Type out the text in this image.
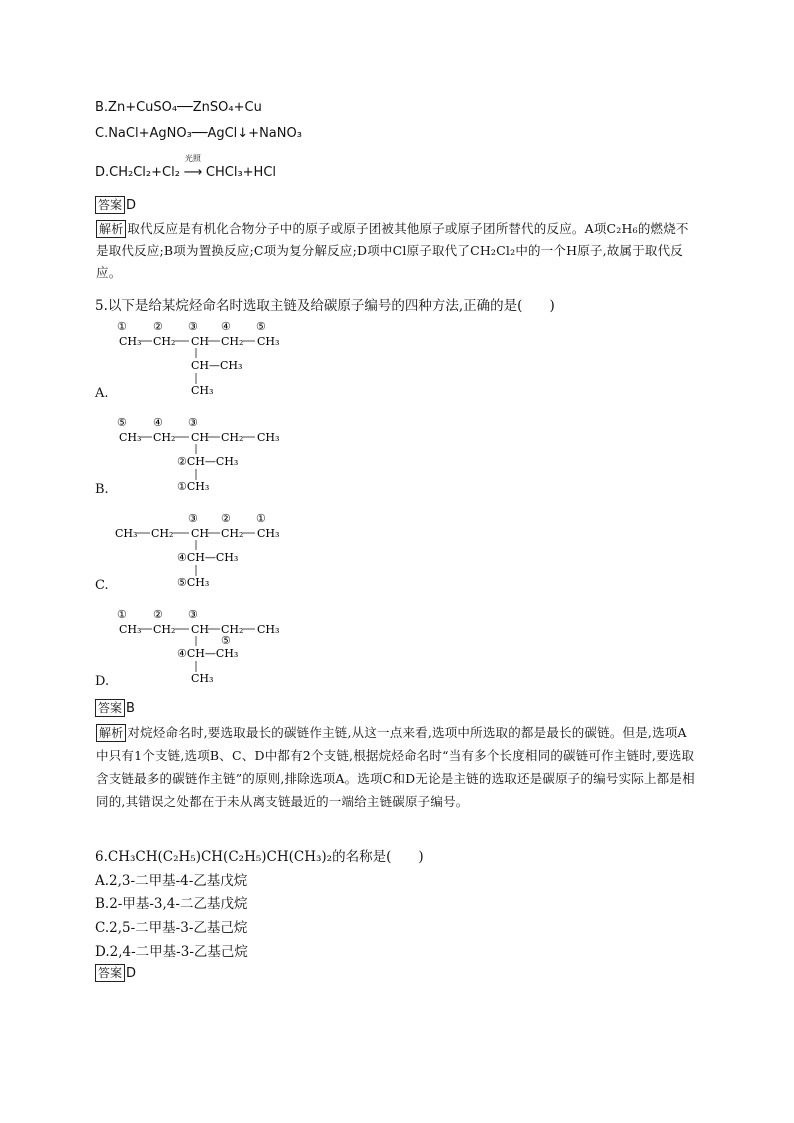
B.Zn+CuSO₄──ZnSO₄+Cu
C.NaCl+AgNO₃──AgCl↓+NaNO₃
D.CH₂Cl₂+Cl₂
光照
⟶ CHCl₃+HCl
答案 D
解析 取代反应是有机化合物分子中的原子或原子团被其他原子或原子团所替代的反应。A项C₂H₆的燃烧不是取代反应;B项为置换反应;C项为复分解反应;D项中Cl原子取代了CH₂Cl₂中的一个H原子,故属于取代反应。
5.以下是给某烷烃命名时选取主链及给碳原子编号的四种方法,正确的是(　　)
A.
① ② ③ ④ ⑤
CH₃ CH₂ CH CH₂ CH₃
CH—CH₃
CH₃
B.
⑤ ④ ③
CH₃ CH₂ CH CH₂ CH₃
②CH—CH₃
①CH₃
C.
③ ② ①
CH₃ CH₂ CH CH₂ CH₃
④CH—CH₃
⑤CH₃
D.
① ② ③
CH₃ CH₂ CH CH₂ CH₃
⑤
④CH—CH₃
CH₃
答案 B
解析 对烷烃命名时,要选取最长的碳链作主链,从这一点来看,选项中所选取的都是最长的碳链。但是,选项A中只有1个支链,选项B、C、D中都有2个支链,根据烷烃命名时“当有多个长度相同的碳链可作主链时,要选取含支链最多的碳链作主链”的原则,排除选项A。选项C和D无论是主链的选取还是碳原子的编号实际上都是相同的,其错误之处都在于未从离支链最近的一端给主链碳原子编号。
6.CH₃CH(C₂H₅)CH(C₂H₅)CH(CH₃)₂的名称是(　　)
A.2,3-二甲基-4-乙基戊烷
B.2-甲基-3,4-二乙基戊烷
C.2,5-二甲基-3-乙基己烷
D.2,4-二甲基-3-乙基己烷
答案 D
